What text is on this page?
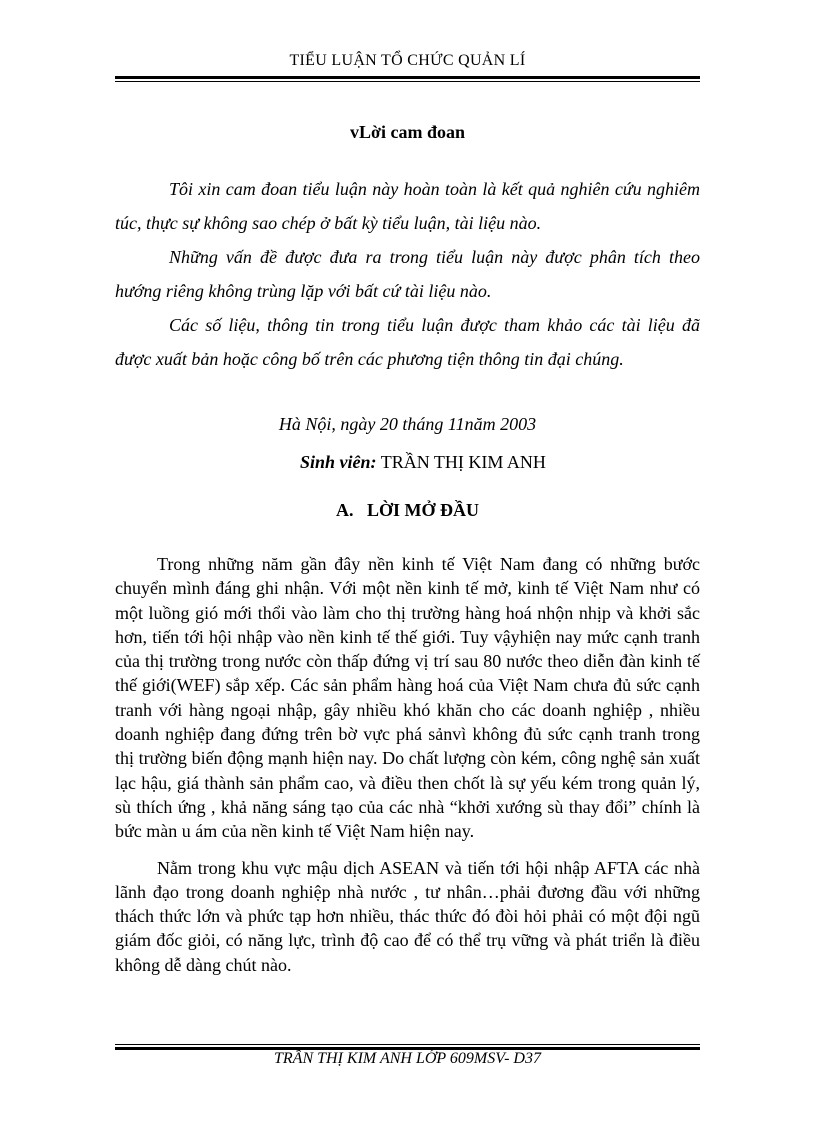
TIỂU LUẬN TỔ CHỨC QUẢN LÍ
vLời cam đoan

Tôi xin cam đoan tiểu luận này hoàn toàn là kết quả nghiên cứu nghiêm túc, thực sự không sao chép ở bất kỳ tiểu luận, tài liệu nào.

Những vấn đề được đưa ra trong tiểu luận này được phân tích theo hướng riêng không trùng lặp với bất cứ tài liệu nào.

Các số liệu, thông tin trong tiểu luận được tham khảo các tài liệu đã được xuất bản hoặc công bố trên các phương tiện thông tin đại chúng.

Hà Nội, ngày 20 tháng 11năm 2003
Sinh viên: TRẦN THỊ KIM ANH
A.   LỜI MỞ ĐẦU

Trong những năm gần đây nền kinh tế Việt Nam đang có những bước chuyển mình đáng ghi nhận. Với một nền kinh tế mở, kinh tế Việt Nam như có một luồng gió mới thổi vào làm cho thị trường hàng hoá nhộn nhịp và khởi sắc hơn, tiến tới hội nhập vào nền kinh tế thế giới. Tuy vậyhiện nay mức cạnh tranh của thị trường trong nước còn thấp đứng vị trí sau 80 nước theo diễn đàn kinh tế thế giới(WEF) sắp xếp. Các sản phẩm hàng hoá của Việt Nam chưa đủ sức cạnh tranh với hàng ngoại nhập, gây nhiều khó khăn cho các doanh nghiệp , nhiều doanh nghiệp đang đứng trên bờ vực phá sảnvì không đủ sức cạnh tranh trong thị trường biến động mạnh hiện nay. Do chất lượng còn kém, công nghệ sản xuất lạc hậu, giá thành sản phẩm cao, và điều then chốt là sự yếu kém trong quản lý, sù thích ứng , khả năng sáng tạo của các nhà “khởi xướng sù thay đổi” chính là bức màn u ám của nền kinh tế Việt Nam hiện nay.

Nằm trong khu vực mậu dịch ASEAN và tiến tới hội nhập AFTA các nhà lãnh đạo trong doanh nghiệp nhà nước , tư nhân…phải đương đầu với những thách thức lớn và phức tạp hơn nhiều, thác thức đó đòi hỏi phải có một đội ngũ giám đốc giỏi, có năng lực, trình độ cao để có thể trụ vững và phát triển là điều không dễ dàng chút nào.

TRẦN THỊ KIM ANH LỚP 609MSV- D37
